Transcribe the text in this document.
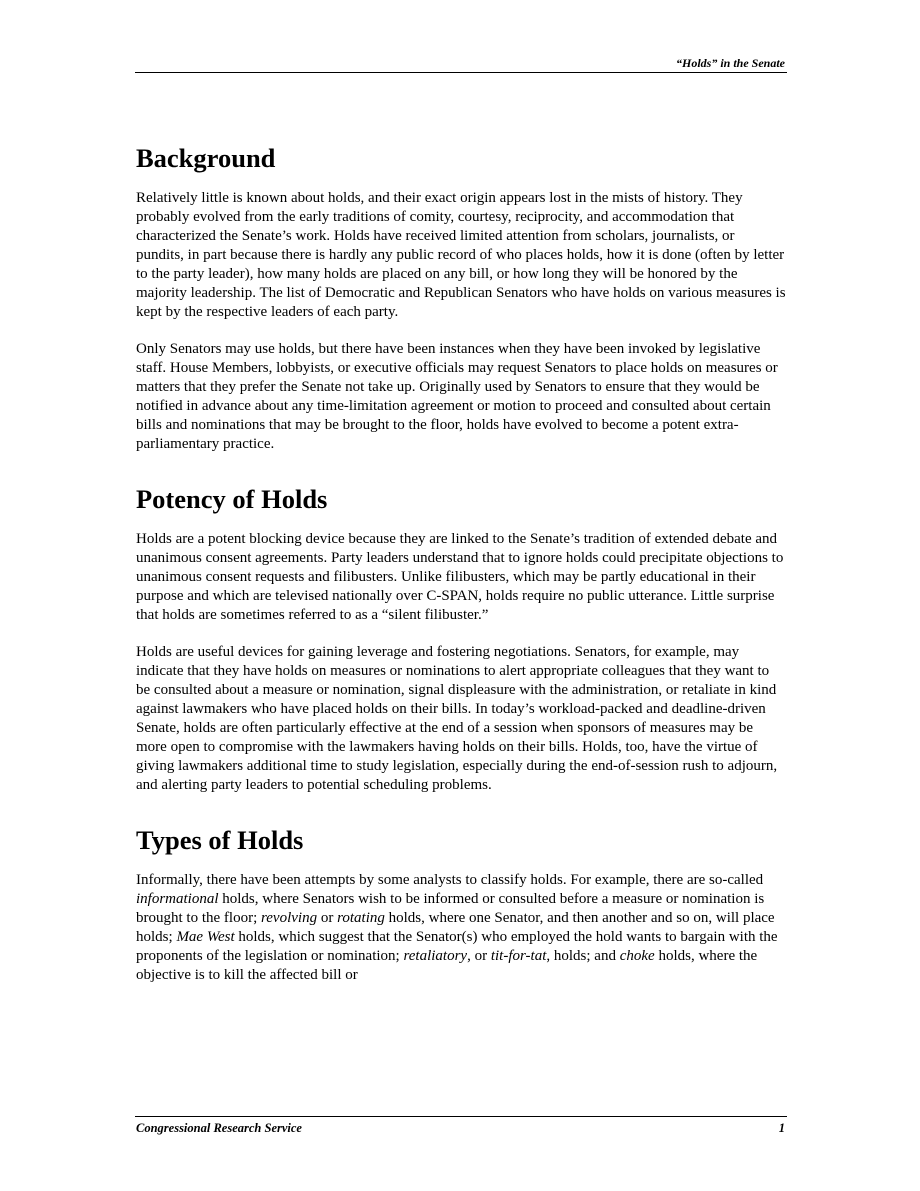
“Holds” in the Senate
Background

Relatively little is known about holds, and their exact origin appears lost in the mists of history. They probably evolved from the early traditions of comity, courtesy, reciprocity, and accommodation that characterized the Senate’s work. Holds have received limited attention from scholars, journalists, or pundits, in part because there is hardly any public record of who places holds, how it is done (often by letter to the party leader), how many holds are placed on any bill, or how long they will be honored by the majority leadership. The list of Democratic and Republican Senators who have holds on various measures is kept by the respective leaders of each party.

Only Senators may use holds, but there have been instances when they have been invoked by legislative staff. House Members, lobbyists, or executive officials may request Senators to place holds on measures or matters that they prefer the Senate not take up. Originally used by Senators to ensure that they would be notified in advance about any time-limitation agreement or motion to proceed and consulted about certain bills and nominations that may be brought to the floor, holds have evolved to become a potent extra-parliamentary practice.

Potency of Holds

Holds are a potent blocking device because they are linked to the Senate’s tradition of extended debate and unanimous consent agreements. Party leaders understand that to ignore holds could precipitate objections to unanimous consent requests and filibusters. Unlike filibusters, which may be partly educational in their purpose and which are televised nationally over C-SPAN, holds require no public utterance. Little surprise that holds are sometimes referred to as a “silent filibuster.”

Holds are useful devices for gaining leverage and fostering negotiations. Senators, for example, may indicate that they have holds on measures or nominations to alert appropriate colleagues that they want to be consulted about a measure or nomination, signal displeasure with the administration, or retaliate in kind against lawmakers who have placed holds on their bills. In today’s workload-packed and deadline-driven Senate, holds are often particularly effective at the end of a session when sponsors of measures may be more open to compromise with the lawmakers having holds on their bills. Holds, too, have the virtue of giving lawmakers additional time to study legislation, especially during the end-of-session rush to adjourn, and alerting party leaders to potential scheduling problems.

Types of Holds

Informally, there have been attempts by some analysts to classify holds. For example, there are so-called informational holds, where Senators wish to be informed or consulted before a measure or nomination is brought to the floor; revolving or rotating holds, where one Senator, and then another and so on, will place holds; Mae West holds, which suggest that the Senator(s) who employed the hold wants to bargain with the proponents of the legislation or nomination; retaliatory, or tit-for-tat, holds; and choke holds, where the objective is to kill the affected bill or

Congressional Research Service	1
